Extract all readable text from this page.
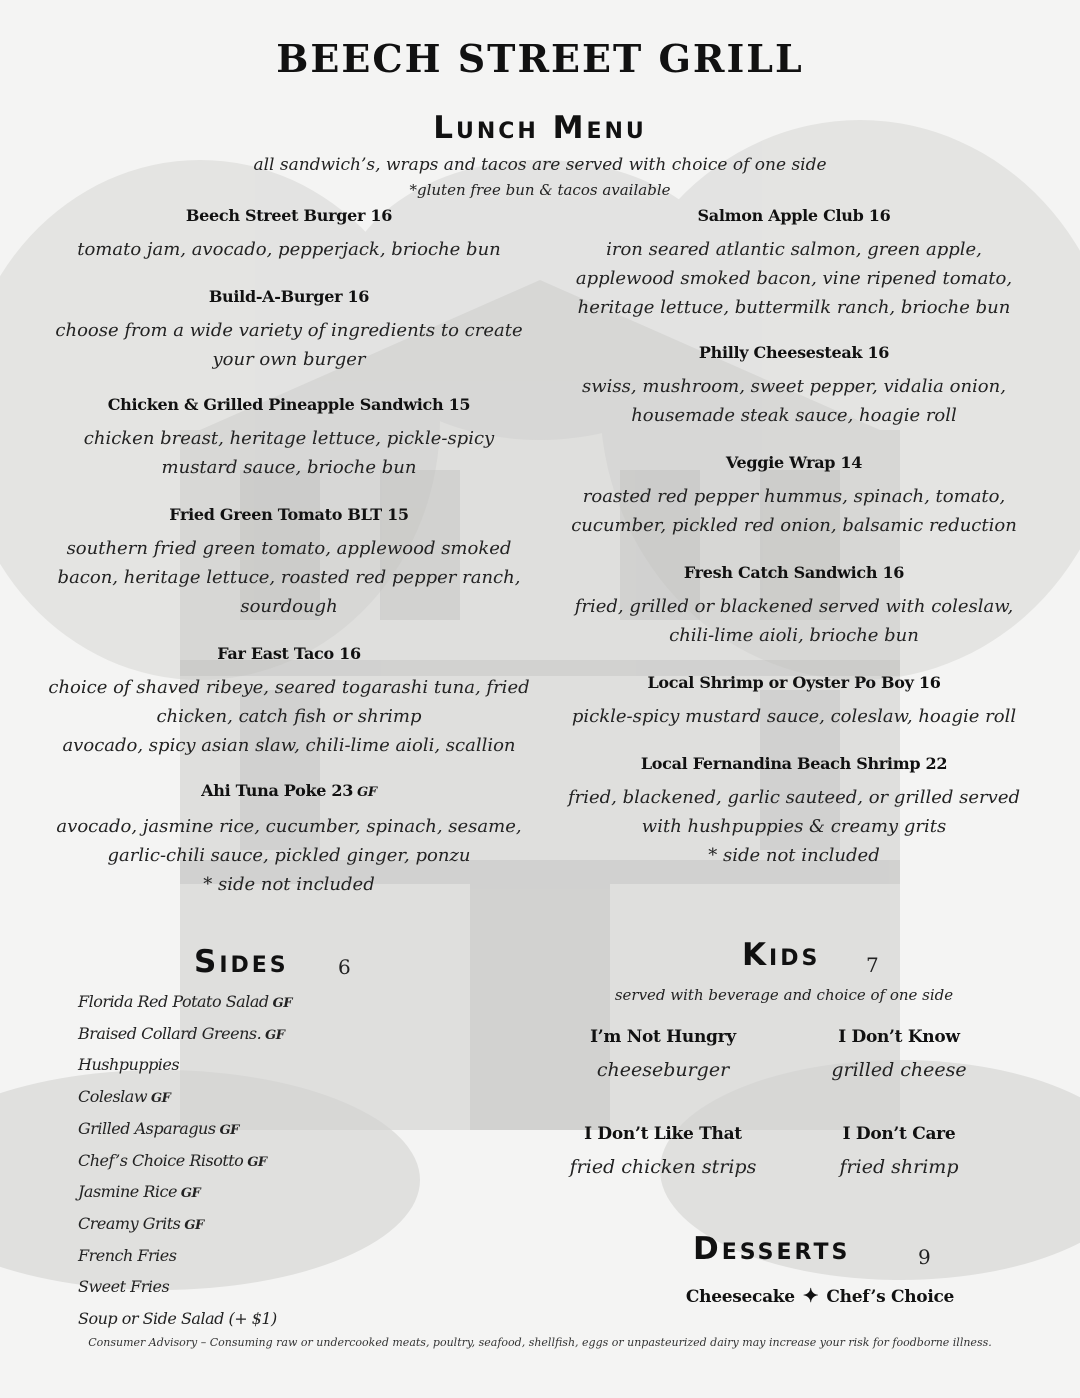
BEECH STREET GRILL
Lunch Menu
all sandwich’s, wraps and tacos are served with choice of one side
*gluten free bun & tacos available
Beech Street Burger 16
tomato jam, avocado, pepperjack, brioche bun
Build-A-Burger 16
choose from a wide variety of ingredients to create your own burger
Chicken & Grilled Pineapple Sandwich 15
chicken breast, heritage lettuce, pickle-spicy mustard sauce, brioche bun
Fried Green Tomato BLT 15
southern fried green tomato, applewood smoked bacon, heritage lettuce, roasted red pepper ranch, sourdough
Far East Taco 16
choice of shaved ribeye, seared togarashi tuna, fried chicken, catch fish or shrimp
avocado, spicy asian slaw, chili-lime aioli, scallion
Ahi Tuna Poke 23 GF
avocado, jasmine rice, cucumber, spinach, sesame, garlic-chili sauce, pickled ginger, ponzu
* side not included
Salmon Apple Club 16
iron seared atlantic salmon, green apple, applewood smoked bacon, vine ripened tomato, heritage lettuce, buttermilk ranch, brioche bun
Philly Cheesesteak 16
swiss, mushroom, sweet pepper, vidalia onion, housemade steak sauce, hoagie roll
Veggie Wrap 14
roasted red pepper hummus, spinach, tomato, cucumber, pickled red onion, balsamic reduction
Fresh Catch Sandwich 16
fried, grilled or blackened served with coleslaw, chili-lime aioli, brioche bun
Local Shrimp or Oyster Po Boy 16
pickle-spicy mustard sauce, coleslaw, hoagie roll
Local Fernandina Beach Shrimp 22
fried, blackened, garlic sauteed, or grilled served with hushpuppies & creamy grits
* side not included
Sides 6
Florida Red Potato Salad GF
Braised Collard Greens. GF
Hushpuppies
Coleslaw GF
Grilled Asparagus GF
Chef’s Choice Risotto GF
Jasmine Rice GF
Creamy Grits GF
French Fries
Sweet Fries
Soup or Side Salad (+ $1)
Kids 7
served with beverage and choice of one side
I’m Not Hungry
cheeseburger
I Don’t Know
grilled cheese
I Don’t Like That
fried chicken strips
I Don’t Care
fried shrimp
Desserts	9
Cheesecake ✦ Chef’s Choice
Consumer Advisory – Consuming raw or undercooked meats, poultry, seafood, shellfish, eggs or unpasteurized dairy may increase your risk for foodborne illness.
